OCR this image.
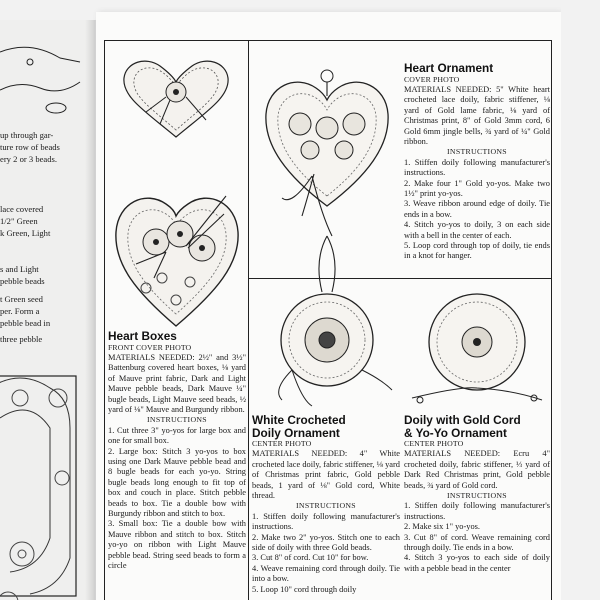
up through gar-
ture row of beads
ery 2 or 3 beads.
lace covered
1/2" Green
k Green, Light
s and Light
pebble beads
t Green seed
per. Form a
pebble bead in
three pebble	Heart Boxes
FRONT COVER PHOTO
MATERIALS NEEDED: 2½" and 3½" Battenburg covered heart boxes, ⅛ yard of Mauve print fabric, Dark and Light Mauve pebble beads, Dark Mauve ¼" bugle beads, Light Mauve seed beads, ½ yard of ⅛" Mauve and Burgundy ribbon.
INSTRUCTIONS
1. Cut three 3" yo-yos for large box and one for small box.
2. Large box: Stitch 3 yo-yos to box using one Dark Mauve pebble bead and 8 bugle beads for each yo-yo. String bugle beads long enough to fit top of box and couch in place. Stitch pebble beads to box. Tie a double bow with Burgundy ribbon and stitch to box.
3. Small box: Tie a double bow with Mauve ribbon and stitch to box. Stitch yo-yo on ribbon with Light Mauve pebble bead. String seed beads to form a circle
Heart Ornament
COVER PHOTO
MATERIALS NEEDED: 5" White heart crocheted lace doily, fabric stiffener, ⅛ yard of Gold lame fabric, ⅛ yard of Christmas print, 8" of Gold 3mm cord, 6 Gold 6mm jingle bells, ¾ yard of ¼" Gold ribbon.
INSTRUCTIONS
1. Stiffen doily following manufacturer's instructions.
2. Make four 1" Gold yo-yos. Make two 1½" print yo-yos.
3. Weave ribbon around edge of doily. Tie ends in a bow.
4. Stitch yo-yos to doily, 3 on each side with a bell in the center of each.
5. Loop cord through top of doily, tie ends in a knot for hanger.
White Crocheted
Doily Ornament
CENTER PHOTO
MATERIALS NEEDED: 4" White crocheted lace doily, fabric stiffener, ⅛ yard of Christmas print fabric, Gold pebble beads, 1 yard of ⅛" Gold cord, White thread.
INSTRUCTIONS
1. Stiffen doily following manufacturer's instructions.
2. Make two 2" yo-yos. Stitch one to each side of doily with three Gold beads.
3. Cut 8" of cord. Cut 10" for bow.
4. Weave remaining cord through doily. Tie into a bow.
5. Loop 10" cord through doily
Doily with Gold Cord
& Yo-Yo Ornament
CENTER PHOTO
MATERIALS NEEDED: Ecru 4" crocheted doily, fabric stiffener, ⅓ yard of Dark Red Christmas print, Gold pebble beads, ¾ yard of Gold cord.
INSTRUCTIONS
1. Stiffen doily following manufacturer's instructions.
2. Make six 1" yo-yos.
3. Cut 8" of cord. Weave remaining cord through doily. Tie ends in a bow.
4. Stitch 3 yo-yos to each side of doily with a pebble bead in the center
